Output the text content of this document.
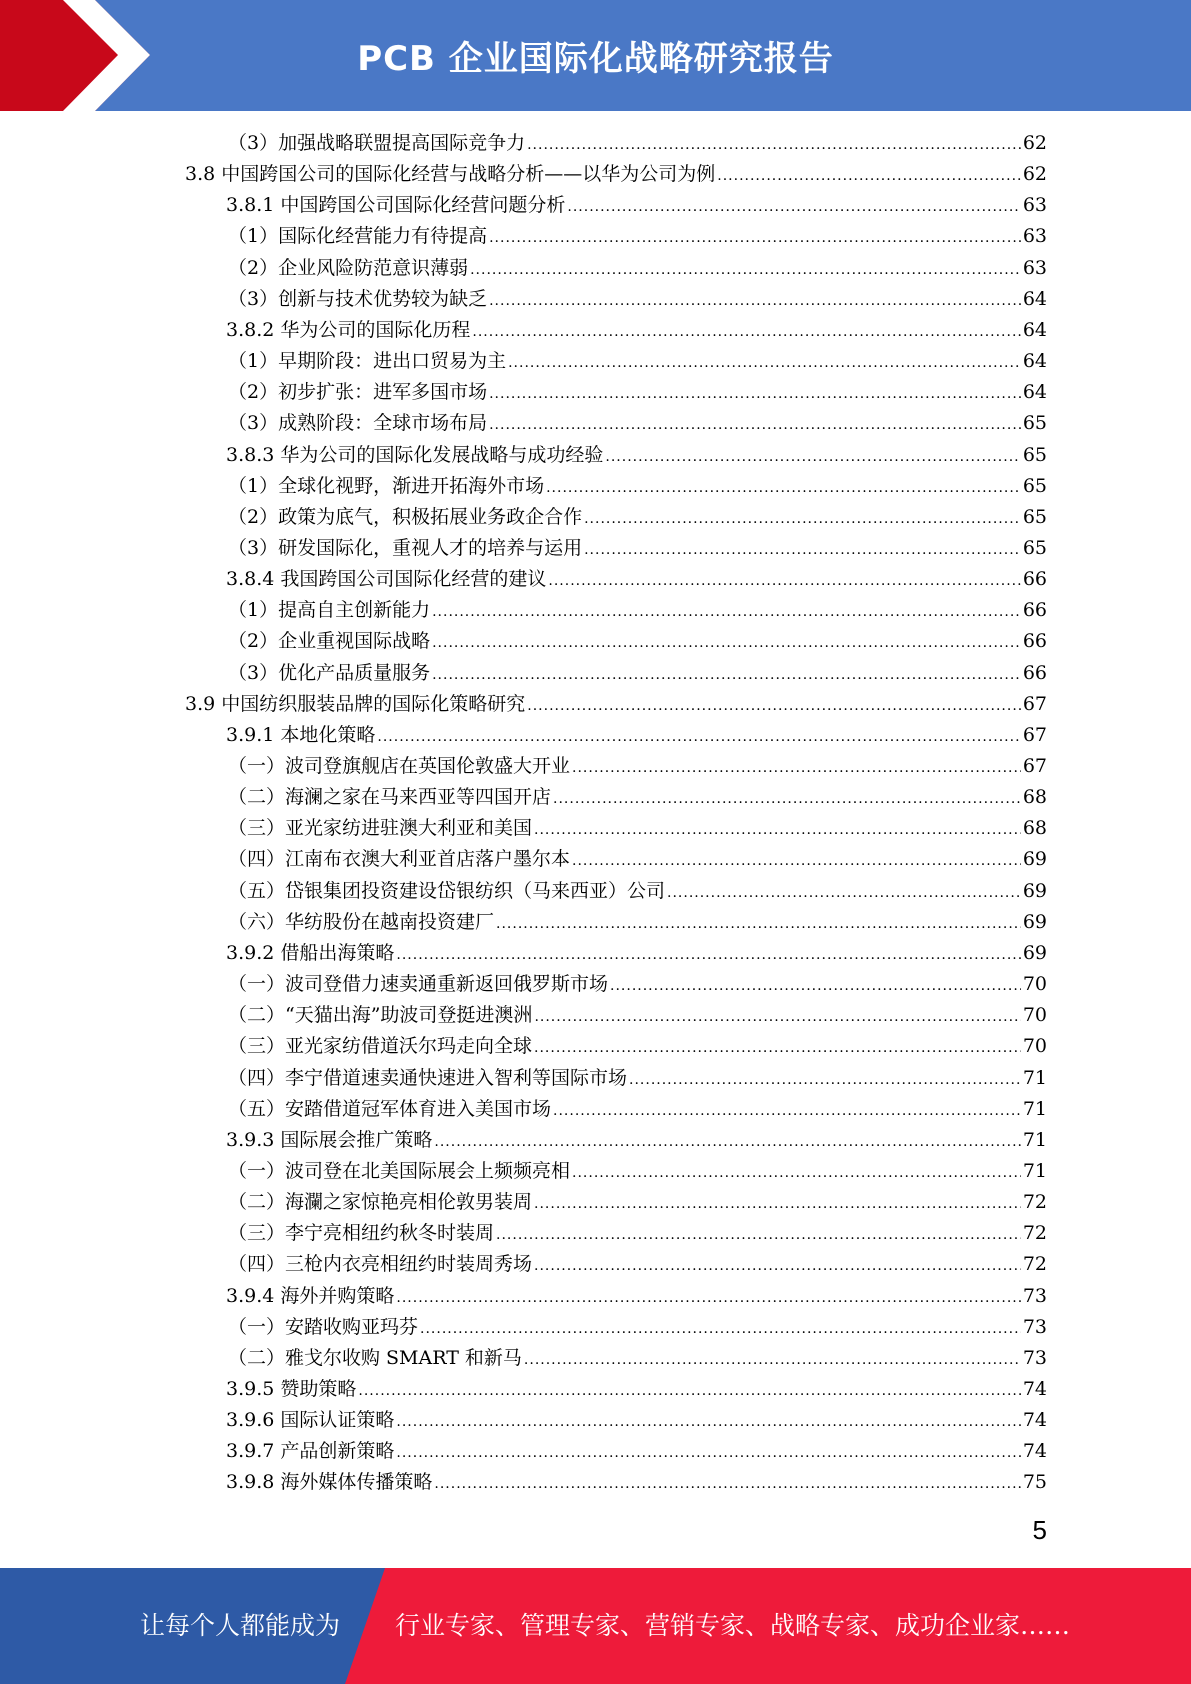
PCB 企业国际化战略研究报告
（3）加强战略联盟提高国际竞争力 .....	62
3.8 中国跨国公司的国际化经营与战略分析——以华为公司为例 .....	62
3.8.1 中国跨国公司国际化经营问题分析 .....	63
（1）国际化经营能力有待提高 .....	63
（2）企业风险防范意识薄弱 .....	63
（3）创新与技术优势较为缺乏 .....	64
3.8.2 华为公司的国际化历程 .....	64
（1）早期阶段：进出口贸易为主 .....	64
（2）初步扩张：进军多国市场 .....	64
（3）成熟阶段：全球市场布局 .....	65
3.8.3 华为公司的国际化发展战略与成功经验 .....	65
（1）全球化视野，渐进开拓海外市场 .....	65
（2）政策为底气，积极拓展业务政企合作 .....	65
（3）研发国际化，重视人才的培养与运用 .....	65
3.8.4 我国跨国公司国际化经营的建议 .....	66
（1）提高自主创新能力 .....	66
（2）企业重视国际战略 .....	66
（3）优化产品质量服务 .....	66
3.9 中国纺织服装品牌的国际化策略研究 .....	67
3.9.1 本地化策略 .....	67
（一）波司登旗舰店在英国伦敦盛大开业 .....	67
（二）海澜之家在马来西亚等四国开店 .....	68
（三）亚光家纺进驻澳大利亚和美国 .....	68
（四）江南布衣澳大利亚首店落户墨尔本 .....	69
（五）岱银集团投资建设岱银纺织（马来西亚）公司 .....	69
（六）华纺股份在越南投资建厂 .....	69
3.9.2 借船出海策略 .....	69
（一）波司登借力速卖通重新返回俄罗斯市场 .....	70
（二）“天猫出海”助波司登挺进澳洲 .....	70
（三）亚光家纺借道沃尔玛走向全球 .....	70
（四）李宁借道速卖通快速进入智利等国际市场 .....	71
（五）安踏借道冠军体育进入美国市场 .....	71
3.9.3 国际展会推广策略 .....	71
（一）波司登在北美国际展会上频频亮相 .....	71
（二）海瀾之家惊艳亮相伦敦男装周 .....	72
（三）李宁亮相纽约秋冬时装周 .....	72
（四）三枪内衣亮相纽约时装周秀场 .....	72
3.9.4 海外并购策略 .....	73
（一）安踏收购亚玛芬 .....	73
（二）雅戈尔收购 SMART 和新马 .....	73
3.9.5 赞助策略 .....	74
3.9.6 国际认证策略 .....	74
3.9.7 产品创新策略 .....	74
3.9.8 海外媒体传播策略 .....	75
5
让每个人都能成为 行业专家、管理专家、营销专家、战略专家、成功企业家……
